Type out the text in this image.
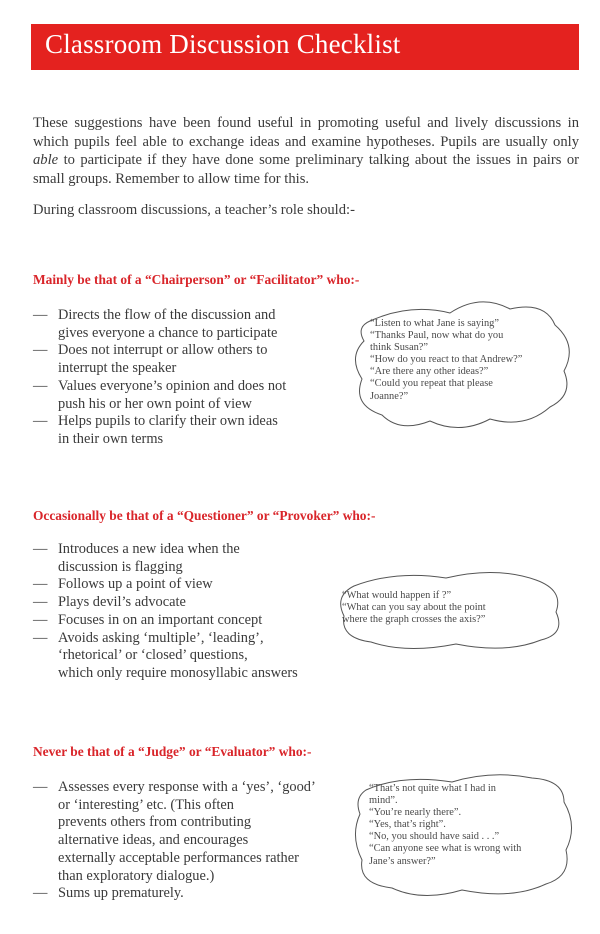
Classroom Discussion Checklist

These suggestions have been found useful in promoting useful and lively discussions in which pupils feel able to exchange ideas and examine hypotheses. Pupils are usually only able to participate if they have done some preliminary talking about the issues in pairs or small groups. Remember to allow time for this.

During classroom discussions, a teacher’s role should:-

Mainly be that of a “Chairperson” or “Facilitator” who:-

— Directs the flow of the discussion and
gives everyone a chance to participate
— Does not interrupt or allow others to
interrupt the speaker
— Values everyone’s opinion and does not
push his or her own point of view
— Helps pupils to clarify their own ideas
in their own terms
“Listen to what Jane is saying”
“Thanks Paul, now what do you
think Susan?”
“How do you react to that Andrew?”
“Are there any other ideas?”
“Could you repeat that please
Joanne?”

Occasionally be that of a “Questioner” or “Provoker” who:-

— Introduces a new idea when the
discussion is flagging
— Follows up a point of view
— Plays devil’s advocate
— Focuses in on an important concept
— Avoids asking ‘multiple’, ‘leading’,
‘rhetorical’ or ‘closed’ questions,
which only require monosyllabic answers
“What would happen if ?”
“What can you say about the point
where the graph crosses the axis?”

Never be that of a “Judge” or “Evaluator” who:-

— Assesses every response with a ‘yes’, ‘good’
or ‘interesting’ etc. (This often
prevents others from contributing
alternative ideas, and encourages
externally acceptable performances rather
than exploratory dialogue.)
— Sums up prematurely.
“That’s not quite what I had in
mind”.
“You’re nearly there”.
“Yes, that’s right”.
“No, you should have said . . .”
“Can anyone see what is wrong with
Jane’s answer?”
